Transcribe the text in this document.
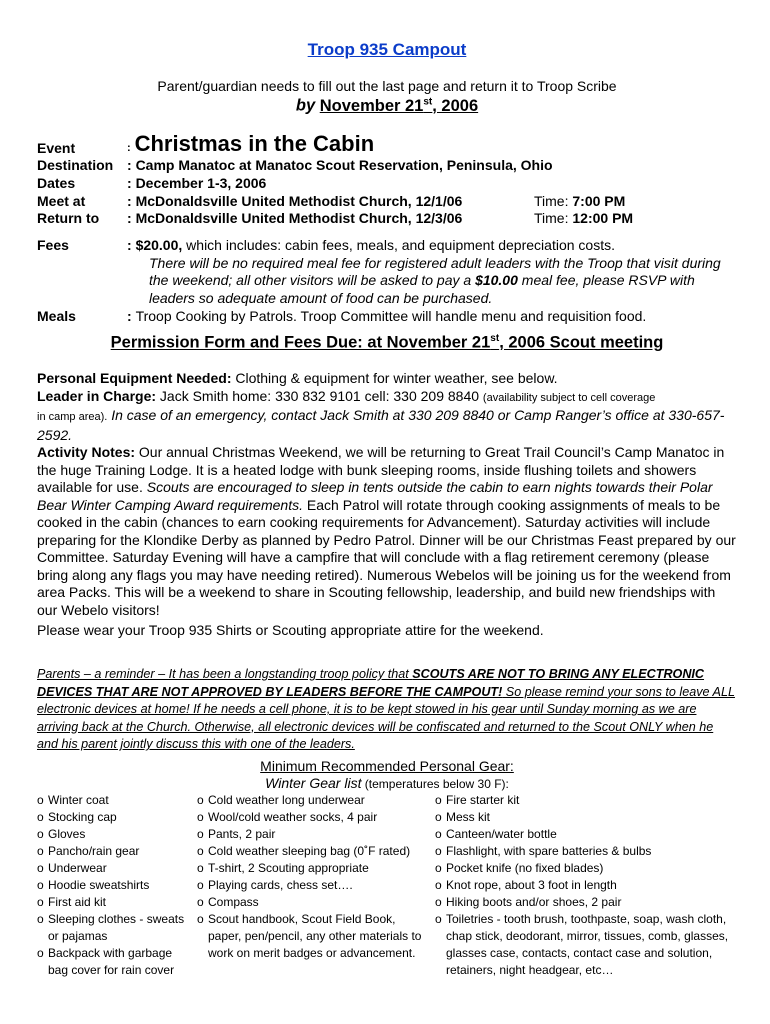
Troop 935 Campout
Parent/guardian needs to fill out the last page and return it to Troop Scribe
by November 21st, 2006
Event	: Christmas in the Cabin
Destination : Camp Manatoc at Manatoc Scout Reservation, Peninsula, Ohio
Dates	: December 1-3, 2006
Meet at	: McDonaldsville United Methodist Church, 12/1/06	Time: 7:00 PM
Return to : McDonaldsville United Methodist Church, 12/3/06	Time: 12:00 PM
Fees	: $20.00, which includes: cabin fees, meals, and equipment depreciation costs.
There will be no required meal fee for registered adult leaders with the Troop that visit during the weekend; all other visitors will be asked to pay a $10.00 meal fee, please RSVP with leaders so adequate amount of food can be purchased.
Meals	: Troop Cooking by Patrols. Troop Committee will handle menu and requisition food.
Permission Form and Fees Due: at November 21st, 2006 Scout meeting

Personal Equipment Needed: Clothing & equipment for winter weather, see below.

Leader in Charge: Jack Smith home: 330 832 9101 cell: 330 209 8840 (availability subject to cell coverage

in camp area). In case of an emergency, contact Jack Smith at 330 209 8840 or Camp Ranger’s office at 330-657-2592.

Activity Notes: Our annual Christmas Weekend, we will be returning to Great Trail Council’s Camp Manatoc in the huge Training Lodge. It is a heated lodge with bunk sleeping rooms, inside flushing toilets and showers available for use. Scouts are encouraged to sleep in tents outside the cabin to earn nights towards their Polar Bear Winter Camping Award requirements. Each Patrol will rotate through cooking assignments of meals to be cooked in the cabin (chances to earn cooking requirements for Advancement). Saturday activities will include preparing for the Klondike Derby as planned by Pedro Patrol. Dinner will be our Christmas Feast prepared by our Committee. Saturday Evening will have a campfire that will conclude with a flag retirement ceremony (please bring along any flags you may have needing retired). Numerous Webelos will be joining us for the weekend from area Packs. This will be a weekend to share in Scouting fellowship, leadership, and build new friendships with our Webelo visitors!

Please wear your Troop 935 Shirts or Scouting appropriate attire for the weekend.

Parents – a reminder – It has been a longstanding troop policy that SCOUTS ARE NOT TO BRING ANY ELECTRONIC DEVICES THAT ARE NOT APPROVED BY LEADERS BEFORE THE CAMPOUT! So please remind your sons to leave ALL electronic devices at home! If he needs a cell phone, it is to be kept stowed in his gear until Sunday morning as we are arriving back at the Church. Otherwise, all electronic devices will be confiscated and returned to the Scout ONLY when he and his parent jointly discuss this with one of the leaders.
Minimum Recommended Personal Gear:
Winter Gear list (temperatures below 30 F):
o Winter coat
o Stocking cap
o Gloves
o Pancho/rain gear
o Underwear
o Hoodie sweatshirts
o First aid kit
o Sleeping clothes - sweats or pajamas
o Backpack with garbage bag cover for rain cover
o Cold weather long underwear
o Wool/cold weather socks, 4 pair
o Pants, 2 pair
o Cold weather sleeping bag (0˚F rated)
o T-shirt, 2 Scouting appropriate
o Playing cards, chess set….
o Compass
o Scout handbook, Scout Field Book, paper, pen/pencil, any other materials to work on merit badges or advancement.
o Fire starter kit
o Mess kit
o Canteen/water bottle
o Flashlight, with spare batteries & bulbs
o Pocket knife (no fixed blades)
o Knot rope, about 3 foot in length
o Hiking boots and/or shoes, 2 pair
o Toiletries - tooth brush, toothpaste, soap, wash cloth, chap stick, deodorant, mirror, tissues, comb, glasses, glasses case, contacts, contact case and solution, retainers, night headgear, etc…
